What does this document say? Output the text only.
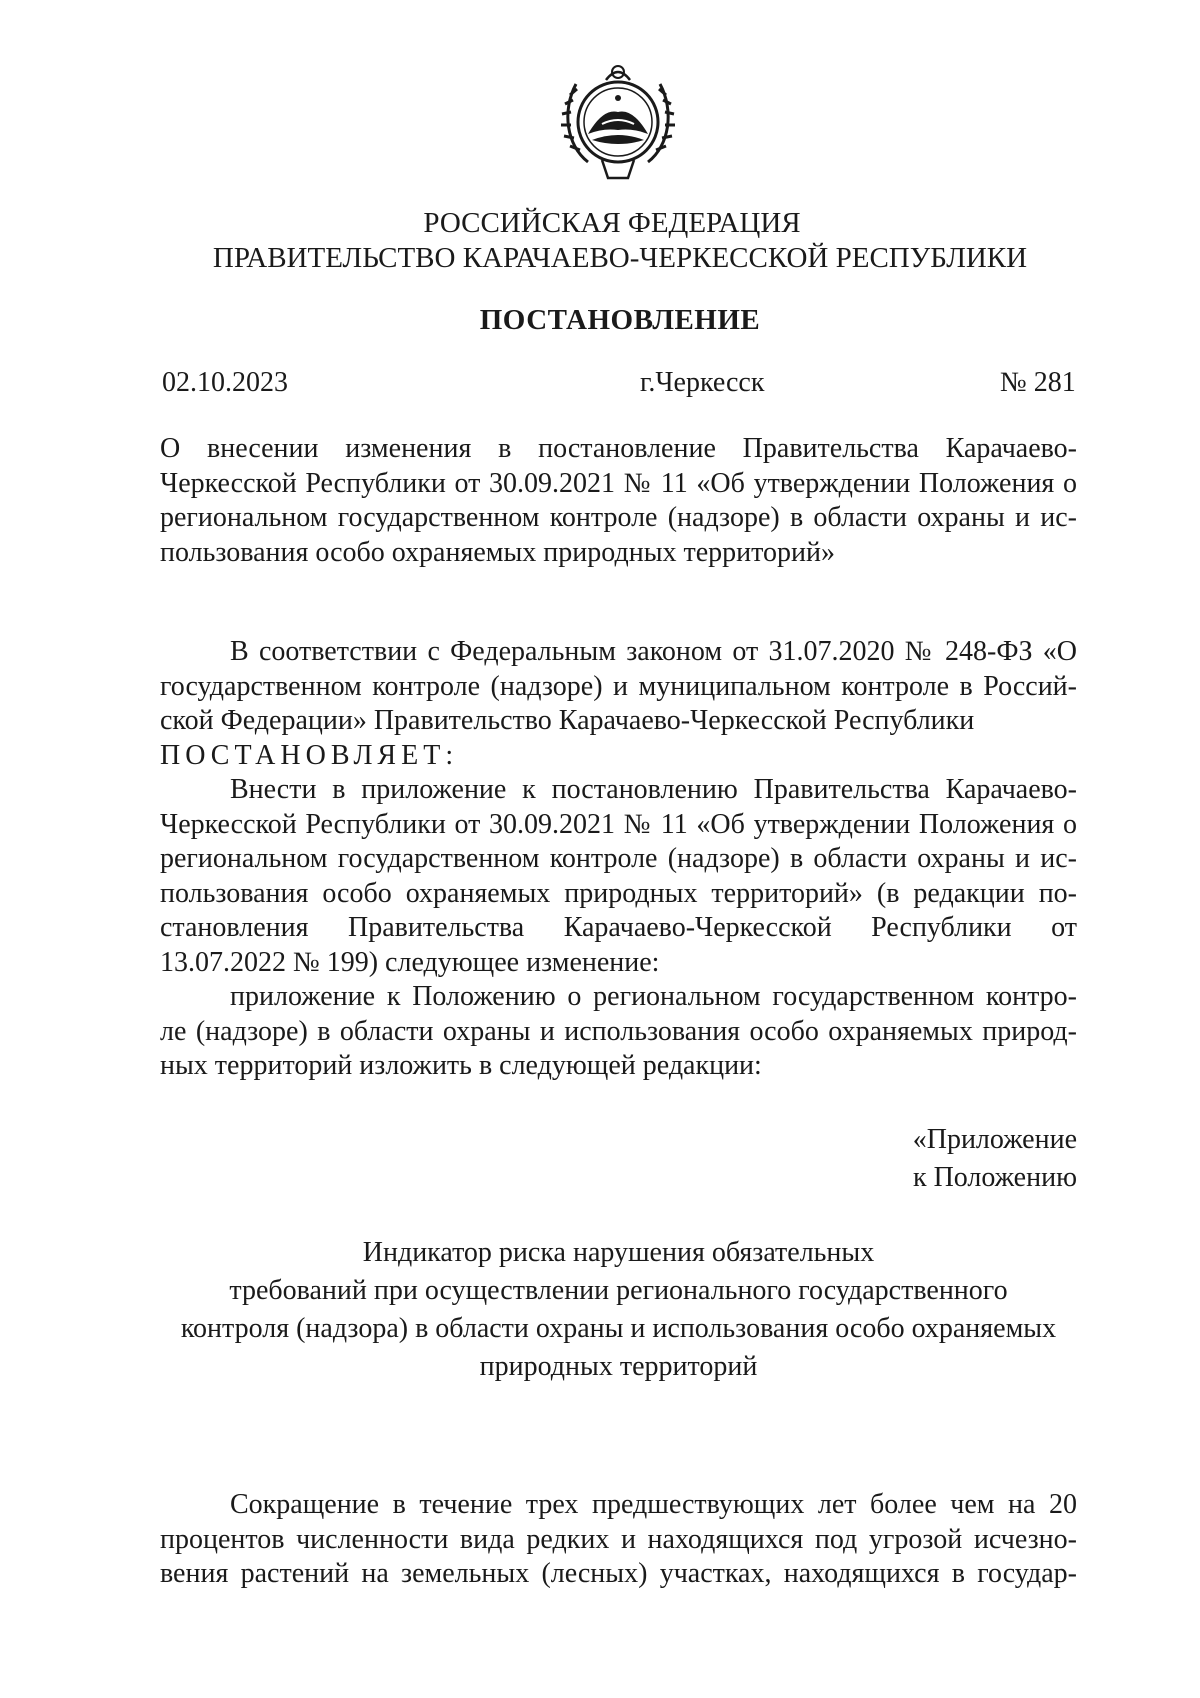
РОССИЙСКАЯ ФЕДЕРАЦИЯ
ПРАВИТЕЛЬСТВО КАРАЧАЕВО-ЧЕРКЕССКОЙ РЕСПУБЛИКИ
ПОСТАНОВЛЕНИЕ
02.10.2023	г.Черкесск	№ 281
О внесении изменения в постановление Правительства Карачаево-
Черкесской Республики от 30.09.2021 № 11 «Об утверждении Положения о
региональном государственном контроле (надзоре) в области охраны и ис-
пользования особо охраняемых природных территорий»
В соответствии с Федеральным законом от 31.07.2020 № 248-ФЗ «О
государственном контроле (надзоре) и муниципальном контроле в Россий-
ской Федерации» Правительство Карачаево-Черкесской Республики
ПОСТАНОВЛЯЕТ:
Внести в приложение к постановлению Правительства Карачаево-
Черкесской Республики от 30.09.2021 № 11 «Об утверждении Положения о
региональном государственном контроле (надзоре) в области охраны и ис-
пользования особо охраняемых природных территорий» (в редакции по-
становления Правительства Карачаево-Черкесской Республики от
13.07.2022 № 199) следующее изменение:
приложение к Положению о региональном государственном контро-
ле (надзоре) в области охраны и использования особо охраняемых природ-
ных территорий изложить в следующей редакции:
«Приложение
к Положению
Индикатор риска нарушения обязательных
требований при осуществлении регионального государственного
контроля (надзора) в области охраны и использования особо охраняемых
природных территорий
Сокращение в течение трех предшествующих лет более чем на 20
процентов численности вида редких и находящихся под угрозой исчезно-
вения растений на земельных (лесных) участках, находящихся в государ-
